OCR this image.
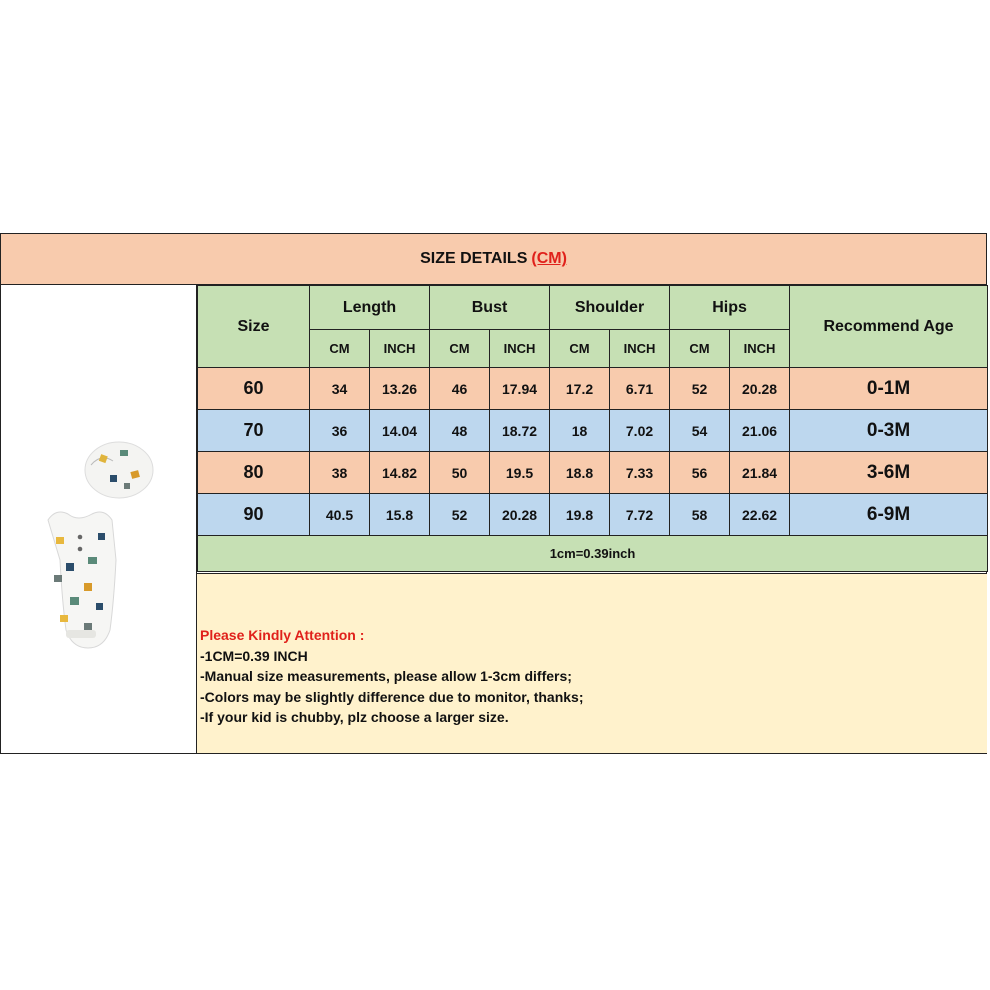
SIZE DETAILS (CM)
Size	Length		Bust		Shoulder		Hips		Recommend Age
	CM	INCH	CM	INCH	CM	INCH	CM	INCH	
60	34	13.26	46	17.94	17.2	6.71	52	20.28	0-1M
70	36	14.04	48	18.72	18	7.02	54	21.06	0-3M
80	38	14.82	50	19.5	18.8	7.33	56	21.84	3-6M
90	40.5	15.8	52	20.28	19.8	7.72	58	22.62	6-9M
1cm=0.39inch									
Please Kindly Attention :
-1CM=0.39 INCH
-Manual size measurements, please allow 1-3cm differs;
-Colors may be slightly difference due to monitor, thanks;
-If your kid is chubby, plz choose a larger size.
